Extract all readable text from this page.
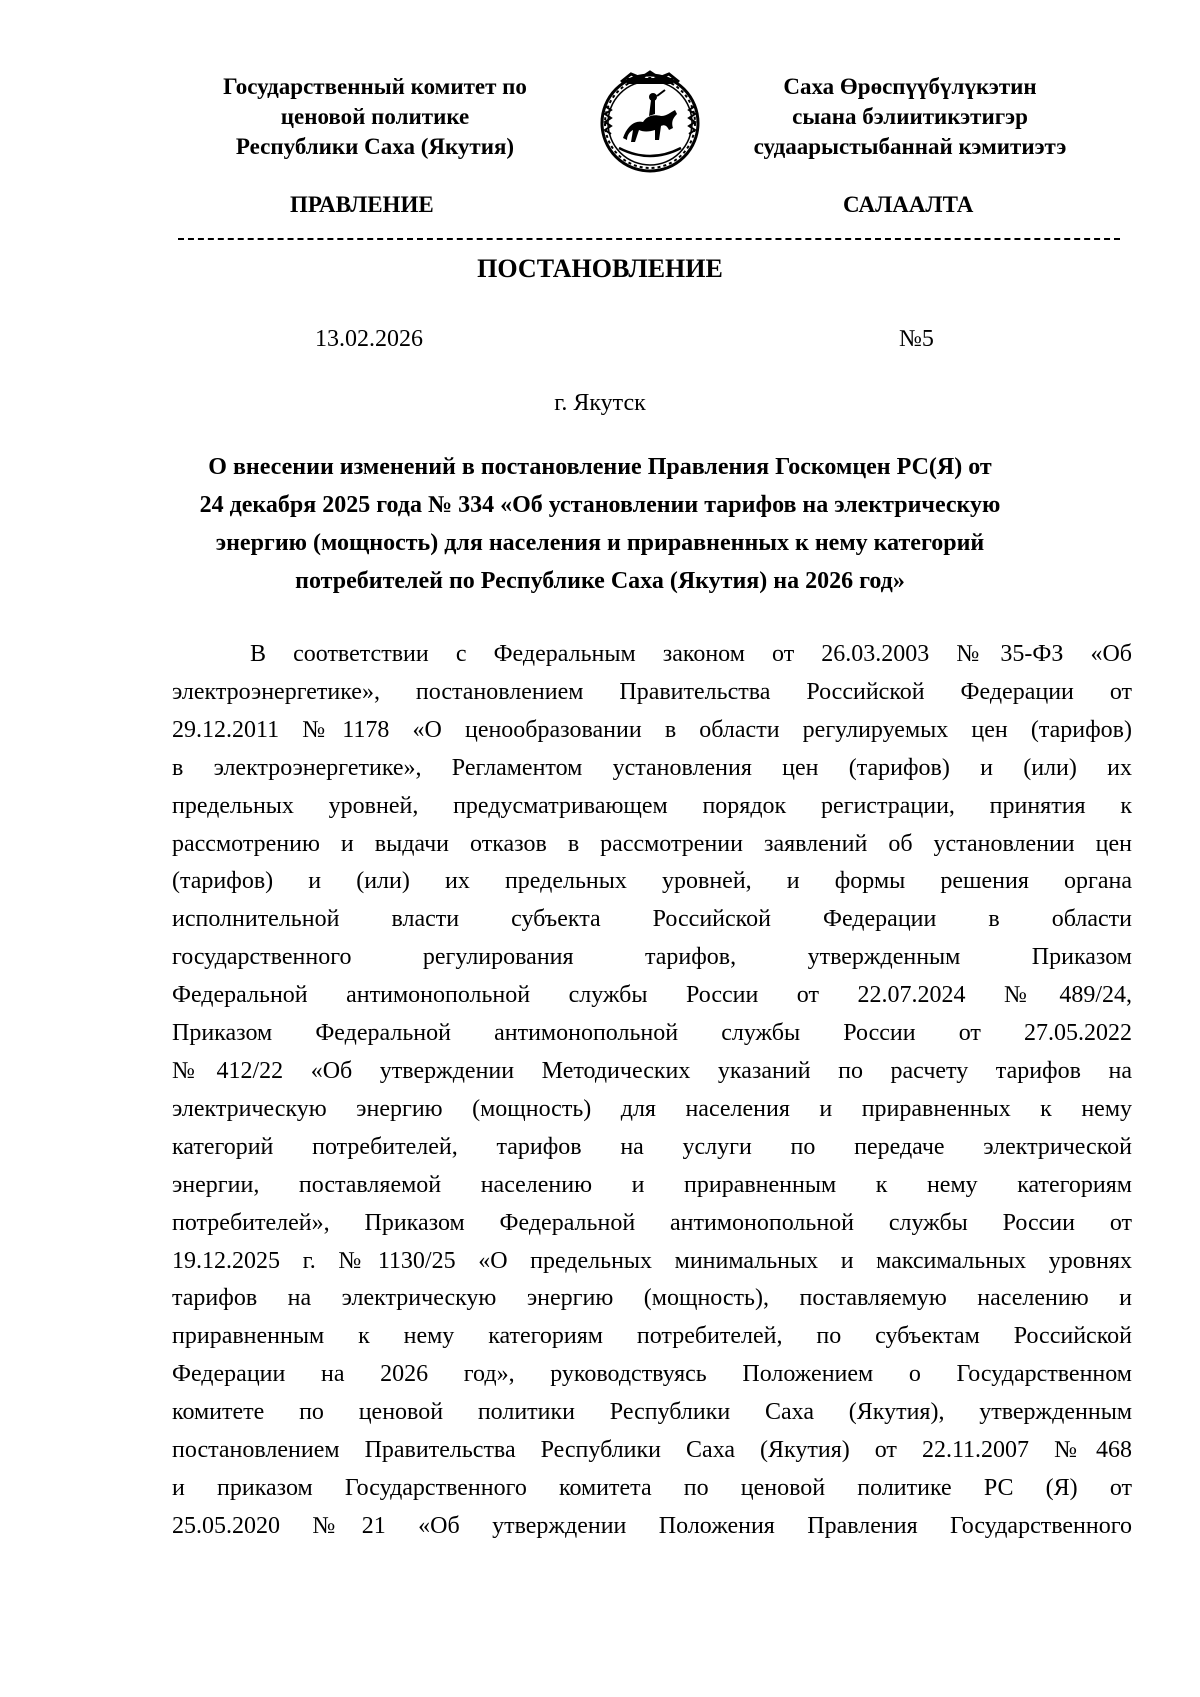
Государственный комитет по
ценовой политике
Республики Саха (Якутия)
Саха Өрөспүүбүлүкэтин
сыана бэлиитикэтигэр
судаарыстыбаннай кэмитиэтэ
ПРАВЛЕНИЕ	САЛААЛТА
ПОСТАНОВЛЕНИЕ
13.02.2026	№5
г. Якутск
О внесении изменений в постановление Правления Госкомцен РС(Я) от
24 декабря 2025 года № 334 «Об установлении тарифов на электрическую
энергию (мощность) для населения и приравненных к нему категорий
потребителей по Республике Саха (Якутия) на 2026 год»
В соответствии с Федеральным законом от 26.03.2003 №35-ФЗ «Об
электроэнергетике», постановлением Правительства Российской Федерации от
29.12.2011 №1178 «О ценообразовании в области регулируемых цен (тарифов)
в электроэнергетике», Регламентом установления цен (тарифов) и (или) их
предельных уровней, предусматривающем порядок регистрации, принятия к
рассмотрению и выдачи отказов в рассмотрении заявлений об установлении цен
(тарифов) и (или) их предельных уровней, и формы решения органа
исполнительной власти субъекта Российской Федерации в области
государственного регулирования тарифов, утвержденным Приказом
Федеральной антимонопольной службы России от 22.07.2024 №489/24,
Приказом Федеральной антимонопольной службы России от 27.05.2022
№412/22 «Об утверждении Методических указаний по расчету тарифов на
электрическую энергию (мощность) для населения и приравненных к нему
категорий потребителей, тарифов на услуги по передаче электрической
энергии, поставляемой населению и приравненным к нему категориям
потребителей», Приказом Федеральной антимонопольной службы России от
19.12.2025 г. №1130/25 «О предельных минимальных и максимальных уровнях
тарифов на электрическую энергию (мощность), поставляемую населению и
приравненным к нему категориям потребителей, по субъектам Российской
Федерации на 2026 год», руководствуясь Положением о Государственном
комитете по ценовой политики Республики Саха (Якутия), утвержденным
постановлением Правительства Республики Саха (Якутия) от 22.11.2007 №468
и приказом Государственного комитета по ценовой политике РС (Я) от
25.05.2020 №21 «Об утверждении Положения Правления Государственного
